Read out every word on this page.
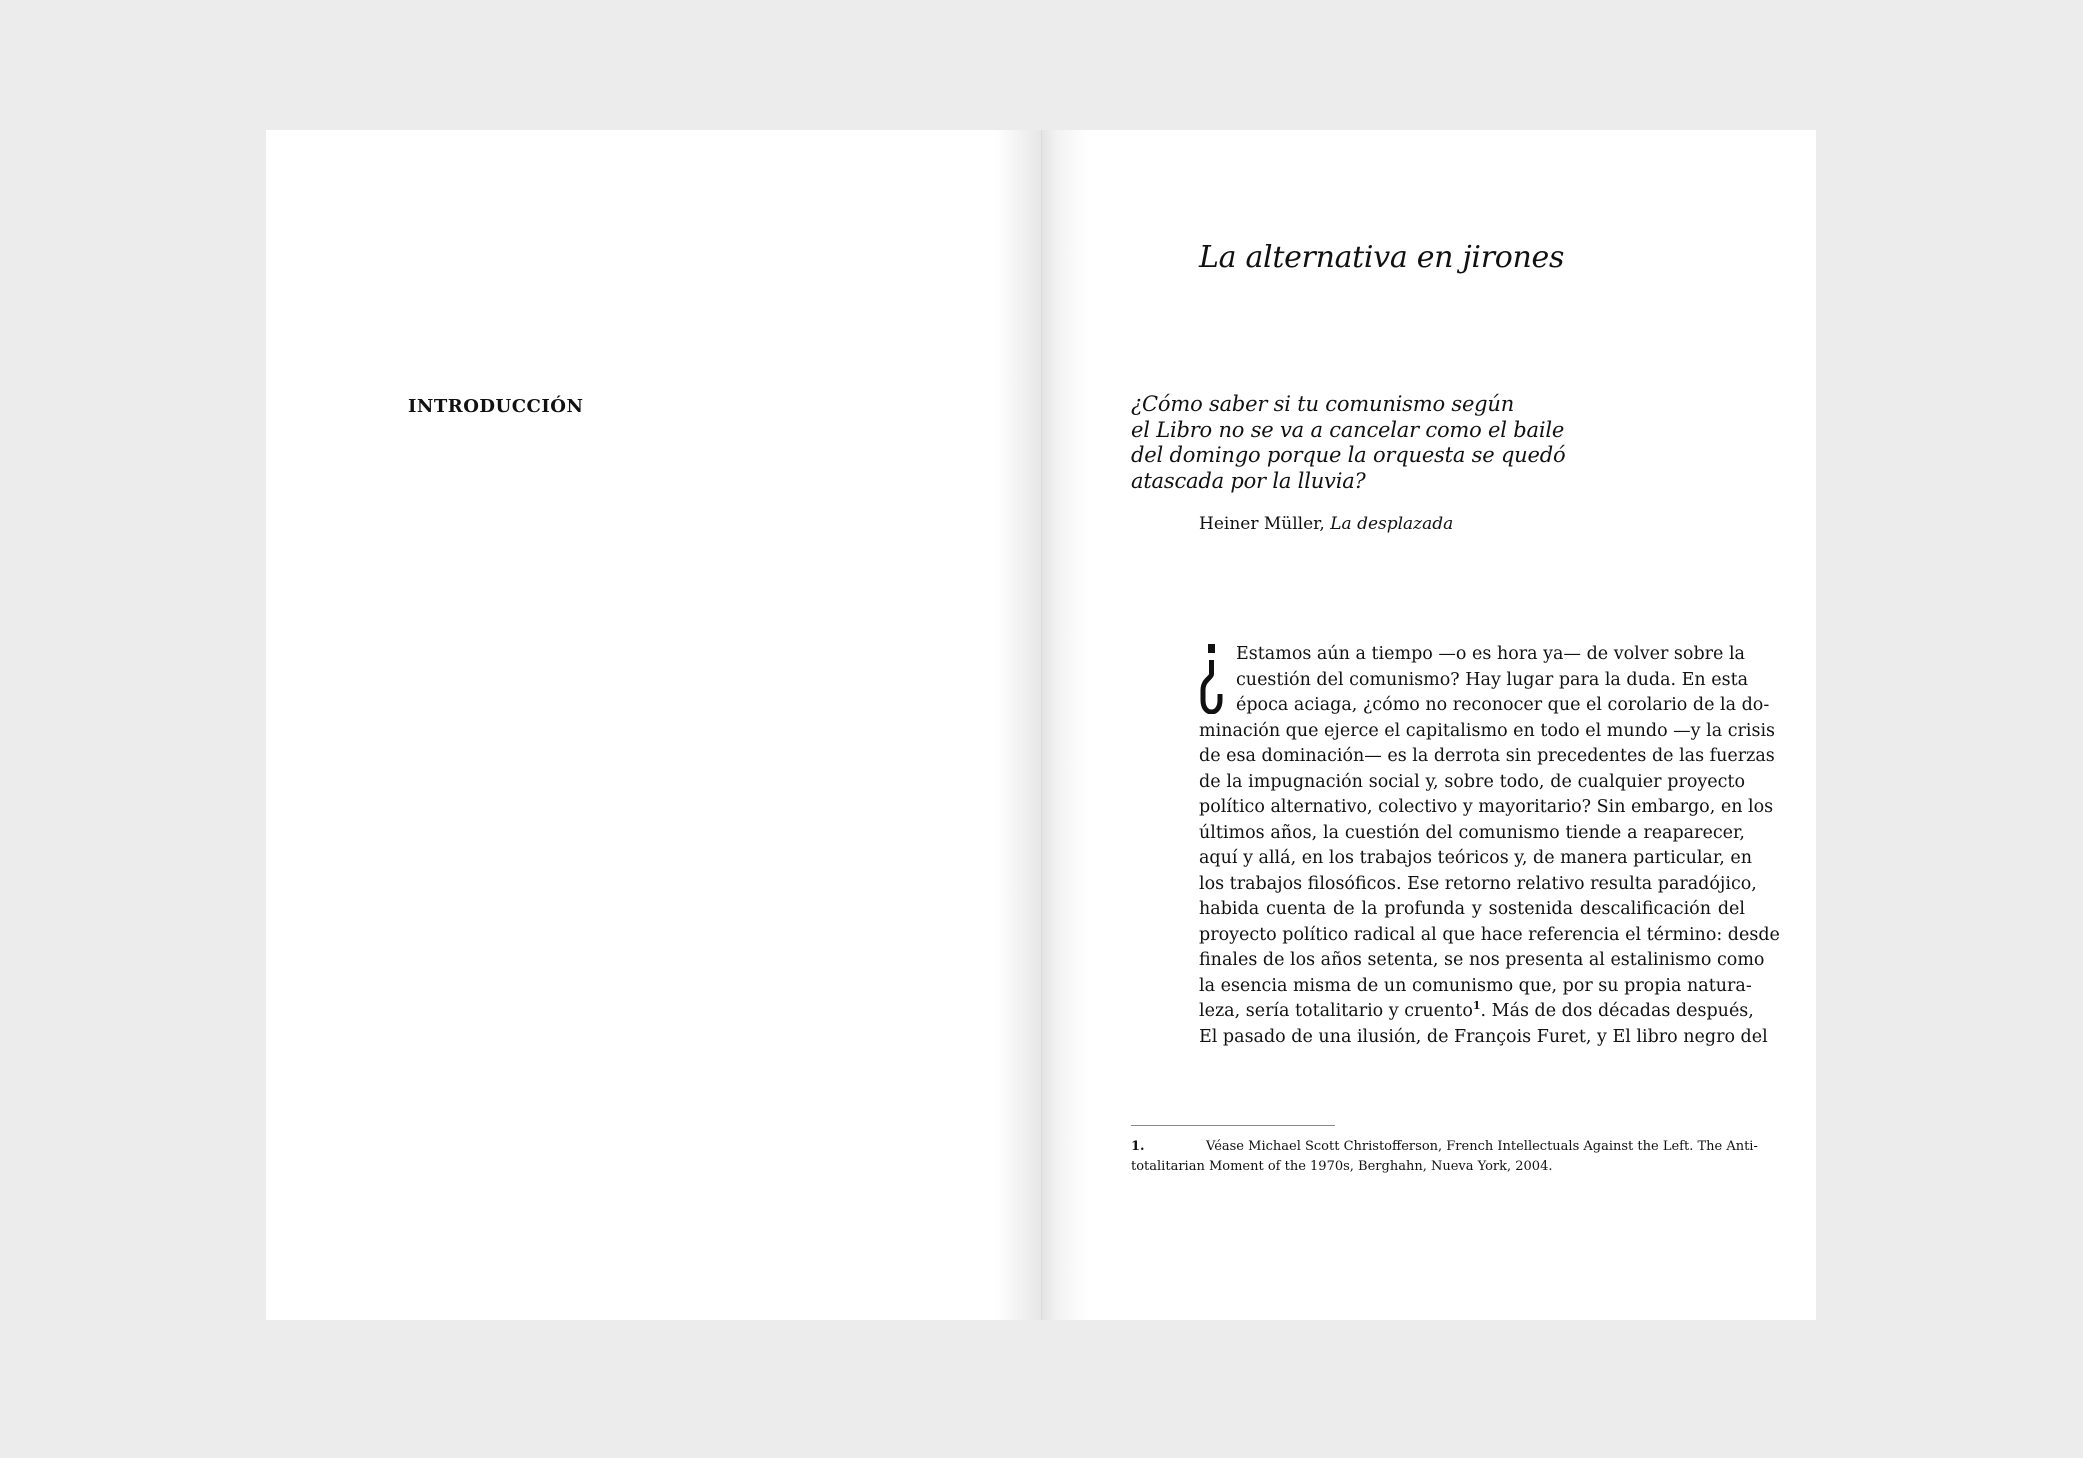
INTRODUCCIÓN
La alternativa en jirones
¿Cómo saber si tu comunismo según
el Libro no se va a cancelar como el baile
del domingo porque la orquesta se quedó
atascada por la lluvia?

Heiner Müller, La desplazada

Estamos aún a tiempo —o es hora ya— de volver sobre la
cuestión del comunismo? Hay lugar para la duda. En esta
época aciaga, ¿cómo no reconocer que el corolario de la do-
minación que ejerce el capitalismo en todo el mundo —y la crisis
de esa dominación— es la derrota sin precedentes de las fuerzas
de la impugnación social y, sobre todo, de cualquier proyecto
político alternativo, colectivo y mayoritario? Sin embargo, en los
últimos años, la cuestión del comunismo tiende a reaparecer,
aquí y allá, en los trabajos teóricos y, de manera particular, en
los trabajos filosóficos. Ese retorno relativo resulta paradójico,
habida cuenta de la profunda y sostenida descalificación del
proyecto político radical al que hace referencia el término: desde
finales de los años setenta, se nos presenta al estalinismo como
la esencia misma de un comunismo que, por su propia natura-
leza, sería totalitario y cruento$^1$. Más de dos décadas después,
El pasado de una ilusión, de François Furet, y El libro negro del

1.	Véase Michael Scott Christofferson, French Intellectuals Against the Left. The Anti-
totalitarian Moment of the 1970s, Berghahn, Nueva York, 2004.
